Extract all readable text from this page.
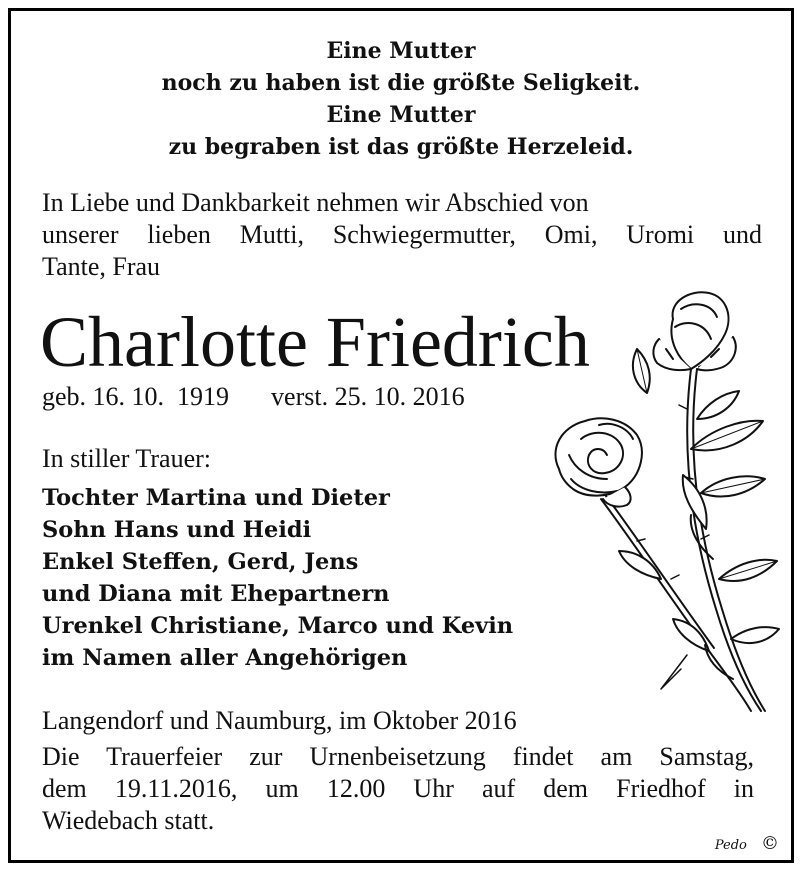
Eine Mutter
noch zu haben ist die größte Seligkeit.
Eine Mutter
zu begraben ist das größte Herzeleid.
In Liebe und Dankbarkeit nehmen wir Abschied von
unserer lieben Mutti, Schwiegermutter, Omi, Uromi und
Tante, Frau
Charlotte Friedrich
geb. 16. 10.  1919 verst. 25. 10. 2016
In stiller Trauer:
Tochter Martina und Dieter
Sohn Hans und Heidi
Enkel Steffen, Gerd, Jens
und Diana mit Ehepartnern
Urenkel Christiane, Marco und Kevin
im Namen aller Angehörigen
Langendorf und Naumburg, im Oktober 2016
Die Trauerfeier zur Urnenbeisetzung findet am Samstag,
dem 19.11.2016, um 12.00 Uhr auf dem Friedhof in
Wiedebach statt.
Pedo ©
